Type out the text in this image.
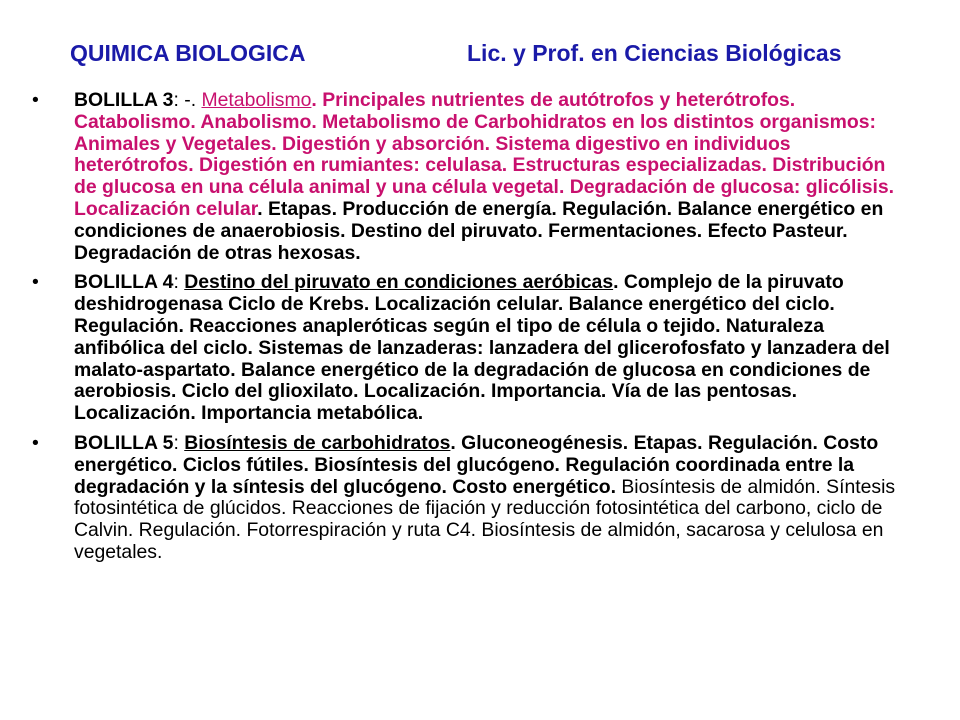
QUIMICA BIOLOGICA	Lic. y Prof. en Ciencias Biológicas
• BOLILLA 3: -. Metabolismo. Principales nutrientes de autótrofos y heterótrofos. Catabolismo. Anabolismo. Metabolismo de Carbohidratos en los distintos organismos: Animales y Vegetales. Digestión y absorción. Sistema digestivo en individuos heterótrofos. Digestión en rumiantes: celulasa. Estructuras especializadas. Distribución de glucosa en una célula animal y una célula vegetal. Degradación de glucosa: glicólisis. Localización celular. Etapas. Producción de energía. Regulación. Balance energético en condiciones de anaerobiosis. Destino del piruvato. Fermentaciones. Efecto Pasteur. Degradación de otras hexosas.
• BOLILLA 4: Destino del piruvato en condiciones aeróbicas. Complejo de la piruvato deshidrogenasa Ciclo de Krebs. Localización celular. Balance energético del ciclo. Regulación. Reacciones anapleróticas según el tipo de célula o tejido. Naturaleza anfibólica del ciclo. Sistemas de lanzaderas: lanzadera del glicerofosfato y lanzadera del malato-aspartato. Balance energético de la degradación de glucosa en condiciones de aerobiosis. Ciclo del glioxilato. Localización. Importancia. Vía de las pentosas. Localización. Importancia metabólica.
• BOLILLA 5: Biosíntesis de carbohidratos. Gluconeogénesis. Etapas. Regulación. Costo energético. Ciclos fútiles. Biosíntesis del glucógeno. Regulación coordinada entre la degradación y la síntesis del glucógeno. Costo energético. Biosíntesis de almidón. Síntesis fotosintética de glúcidos. Reacciones de fijación y reducción fotosintética del carbono, ciclo de Calvin. Regulación. Fotorrespiración y ruta C4. Biosíntesis de almidón, sacarosa y celulosa en vegetales.
